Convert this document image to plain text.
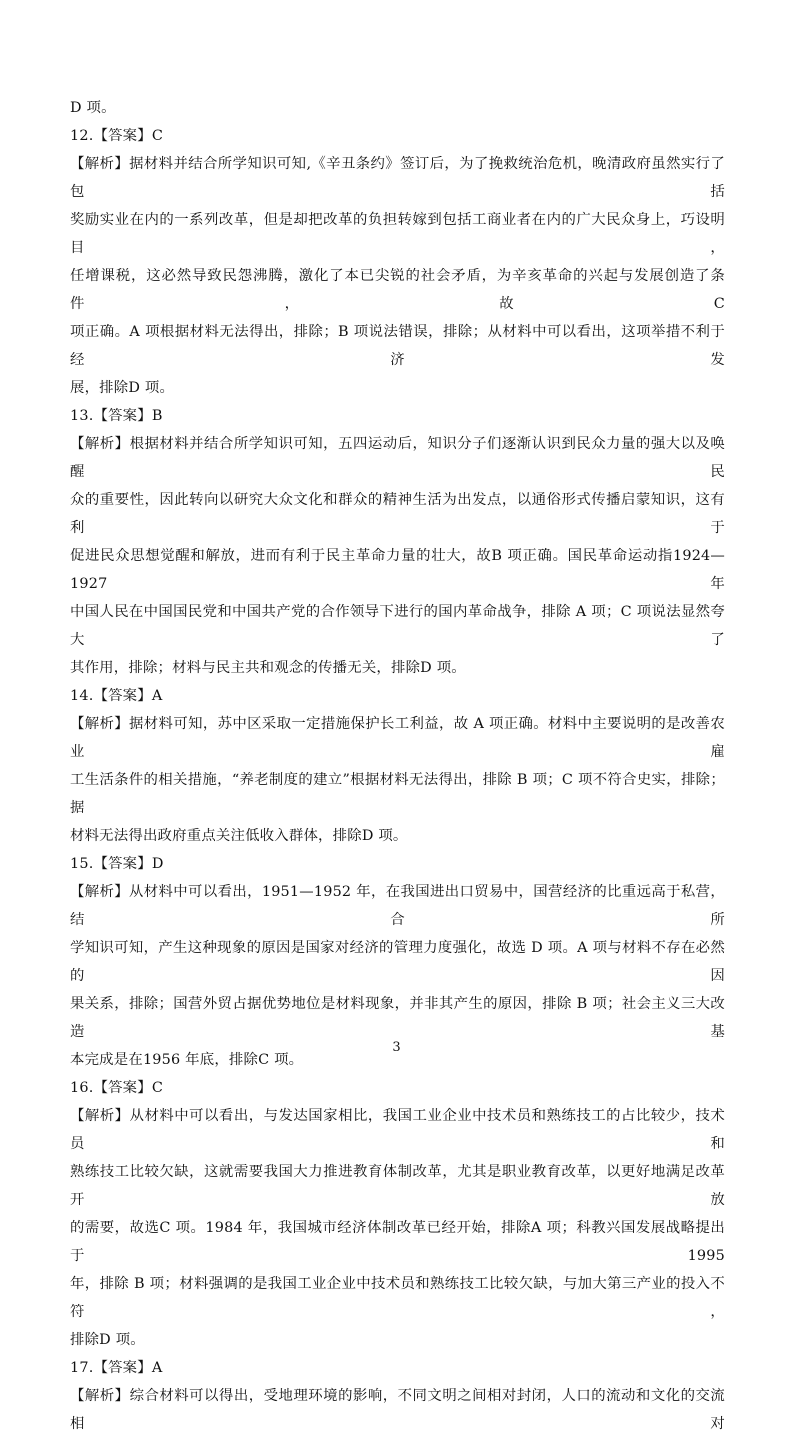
D 项。
12.【答案】C
【解析】据材料并结合所学知识可知,《辛丑条约》签订后，为了挽救统治危机，晚清政府虽然实行了包括
奖励实业在内的一系列改革，但是却把改革的负担转嫁到包括工商业者在内的广大民众身上，巧设明目，
任增课税，这必然导致民怨沸腾，激化了本已尖锐的社会矛盾，为辛亥革命的兴起与发展创造了条件，故C
项正确。A 项根据材料无法得出，排除；B 项说法错误，排除；从材料中可以看出，这项举措不利于经济发
展，排除D 项。
13.【答案】B
【解析】根据材料并结合所学知识可知，五四运动后，知识分子们逐渐认识到民众力量的强大以及唤醒民
众的重要性，因此转向以研究大众文化和群众的精神生活为出发点，以通俗形式传播启蒙知识，这有利于
促进民众思想觉醒和解放，进而有利于民主革命力量的壮大，故B 项正确。国民革命运动指1924—1927 年
中国人民在中国国民党和中国共产党的合作领导下进行的国内革命战争，排除 A 项；C 项说法显然夸大了
其作用，排除；材料与民主共和观念的传播无关，排除D 项。
14.【答案】A
【解析】据材料可知，苏中区采取一定措施保护长工利益，故 A 项正确。材料中主要说明的是改善农业雇
工生活条件的相关措施，“养老制度的建立”根据材料无法得出，排除 B 项；C 项不符合史实，排除；据
材料无法得出政府重点关注低收入群体，排除D 项。
15.【答案】D
【解析】从材料中可以看出，1951—1952 年，在我国进出口贸易中，国营经济的比重远高于私营，结合所
学知识可知，产生这种现象的原因是国家对经济的管理力度强化，故选 D 项。A 项与材料不存在必然的因
果关系，排除；国营外贸占据优势地位是材料现象，并非其产生的原因，排除 B 项；社会主义三大改造基
本完成是在1956 年底，排除C 项。
16.【答案】C
【解析】从材料中可以看出，与发达国家相比，我国工业企业中技术员和熟练技工的占比较少，技术员和
熟练技工比较欠缺，这就需要我国大力推进教育体制改革，尤其是职业教育改革，以更好地满足改革开放
的需要，故选C 项。1984 年，我国城市经济体制改革已经开始，排除A 项；科教兴国发展战略提出于1995
年，排除 B 项；材料强调的是我国工业企业中技术员和熟练技工比较欠缺，与加大第三产业的投入不符，
排除D 项。
17.【答案】A
【解析】综合材料可以得出，受地理环境的影响，不同文明之间相对封闭，人口的流动和文化的交流相对
3
